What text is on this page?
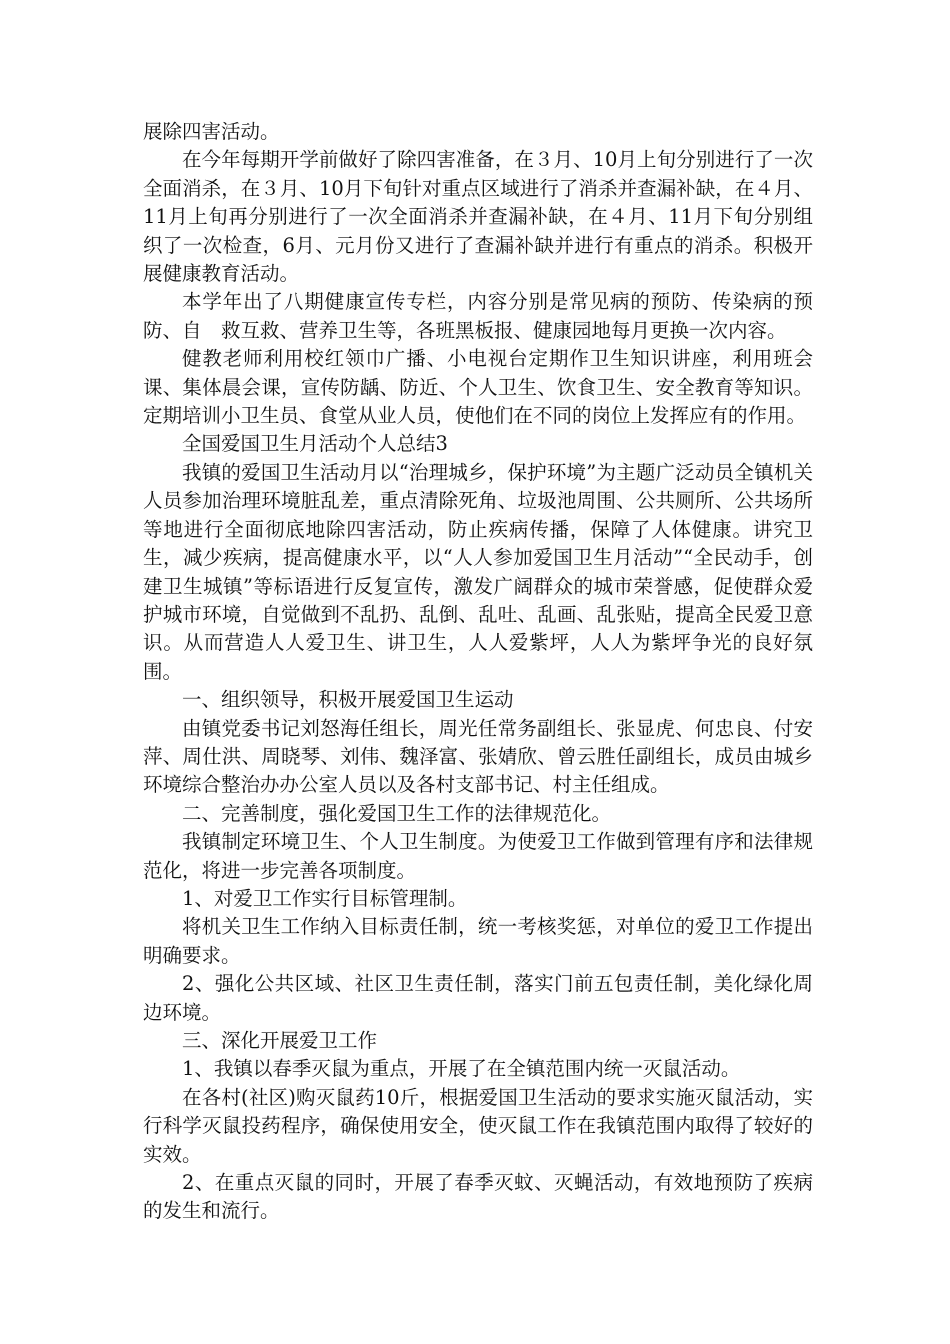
展除四害活动。

在今年每期开学前做好了除四害准备，在３月、10月上旬分别进行了一次全面消杀，在３月、10月下旬针对重点区域进行了消杀并查漏补缺，在４月、11月上旬再分别进行了一次全面消杀并查漏补缺，在４月、11月下旬分别组织了一次检查，6月、元月份又进行了查漏补缺并进行有重点的消杀。积极开展健康教育活动。

本学年出了八期健康宣传专栏，内容分别是常见病的预防、传染病的预防、自　救互救、营养卫生等，各班黑板报、健康园地每月更换一次内容。

健教老师利用校红领巾广播、小电视台定期作卫生知识讲座，利用班会课、集体晨会课，宣传防龋、防近、个人卫生、饮食卫生、安全教育等知识。定期培训小卫生员、食堂从业人员，使他们在不同的岗位上发挥应有的作用。

全国爱国卫生月活动个人总结3

我镇的爱国卫生活动月以“治理城乡，保护环境”为主题广泛动员全镇机关人员参加治理环境脏乱差，重点清除死角、垃圾池周围、公共厕所、公共场所等地进行全面彻底地除四害活动，防止疾病传播，保障了人体健康。讲究卫生，减少疾病，提高健康水平，以“人人参加爱国卫生月活动”“全民动手，创建卫生城镇”等标语进行反复宣传，激发广阔群众的城市荣誉感，促使群众爱护城市环境，自觉做到不乱扔、乱倒、乱吐、乱画、乱张贴，提高全民爱卫意识。从而营造人人爱卫生、讲卫生，人人爱紫坪，人人为紫坪争光的良好氛围。

一、组织领导，积极开展爱国卫生运动

由镇党委书记刘怒海任组长，周光任常务副组长、张显虎、何忠良、付安萍、周仕洪、周晓琴、刘伟、魏泽富、张婧欣、曾云胜任副组长，成员由城乡环境综合整治办办公室人员以及各村支部书记、村主任组成。

二、完善制度，强化爱国卫生工作的法律规范化。

我镇制定环境卫生、个人卫生制度。为使爱卫工作做到管理有序和法律规范化，将进一步完善各项制度。

1、对爱卫工作实行目标管理制。

将机关卫生工作纳入目标责任制，统一考核奖惩，对单位的爱卫工作提出明确要求。

2、强化公共区域、社区卫生责任制，落实门前五包责任制，美化绿化周边环境。

三、深化开展爱卫工作

1、我镇以春季灭鼠为重点，开展了在全镇范围内统一灭鼠活动。

在各村(社区)购灭鼠药10斤，根据爱国卫生活动的要求实施灭鼠活动，实行科学灭鼠投药程序，确保使用安全，使灭鼠工作在我镇范围内取得了较好的实效。

2、在重点灭鼠的同时，开展了春季灭蚊、灭蝇活动，有效地预防了疾病的发生和流行。
